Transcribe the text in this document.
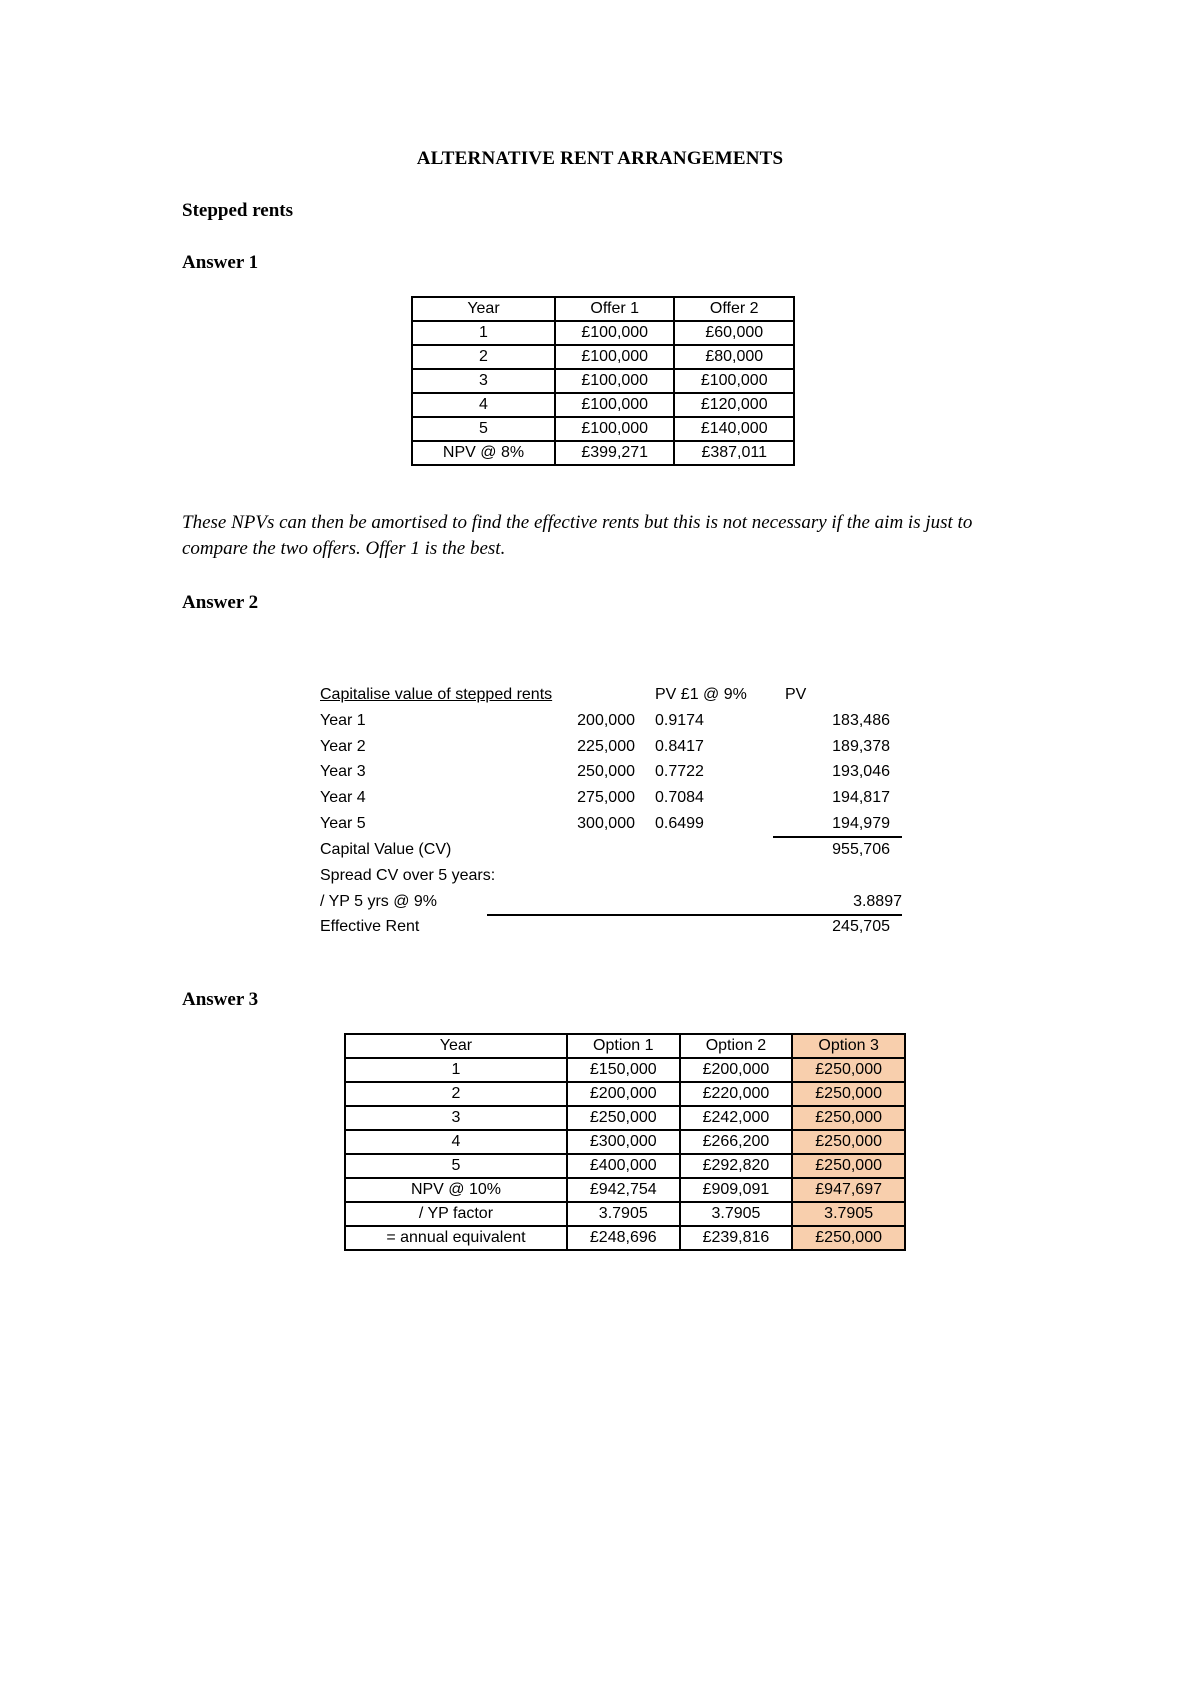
ALTERNATIVE RENT ARRANGEMENTS
Stepped rents
Answer 1
Year	Offer 1	Offer 2
1	£100,000	£60,000
2	£100,000	£80,000
3	£100,000	£100,000
4	£100,000	£120,000
5	£100,000	£140,000
NPV @ 8%	£399,271	£387,011
These NPVs can then be amortised to find the effective rents but this is not necessary if the aim is just to compare the two offers. Offer 1 is the best.
Answer 2
Capitalise value of stepped rents	PV £1 @ 9% PV
Year 1	200,000 0.9174	183,486
Year 2	225,000 0.8417	189,378
Year 3	250,000 0.7722	193,046
Year 4	275,000 0.7084	194,817
Year 5	300,000 0.6499	194,979
Capital Value (CV)	955,706
Spread CV over 5 years:
/ YP 5 yrs @ 9%	3.8897
Effective Rent	245,705
Answer 3
Year	Option 1	Option 2	Option 3
1	£150,000	£200,000	£250,000
2	£200,000	£220,000	£250,000
3	£250,000	£242,000	£250,000
4	£300,000	£266,200	£250,000
5	£400,000	£292,820	£250,000
NPV @ 10%	£942,754	£909,091	£947,697
/ YP factor	3.7905	3.7905	3.7905
= annual equivalent	£248,696	£239,816	£250,000
